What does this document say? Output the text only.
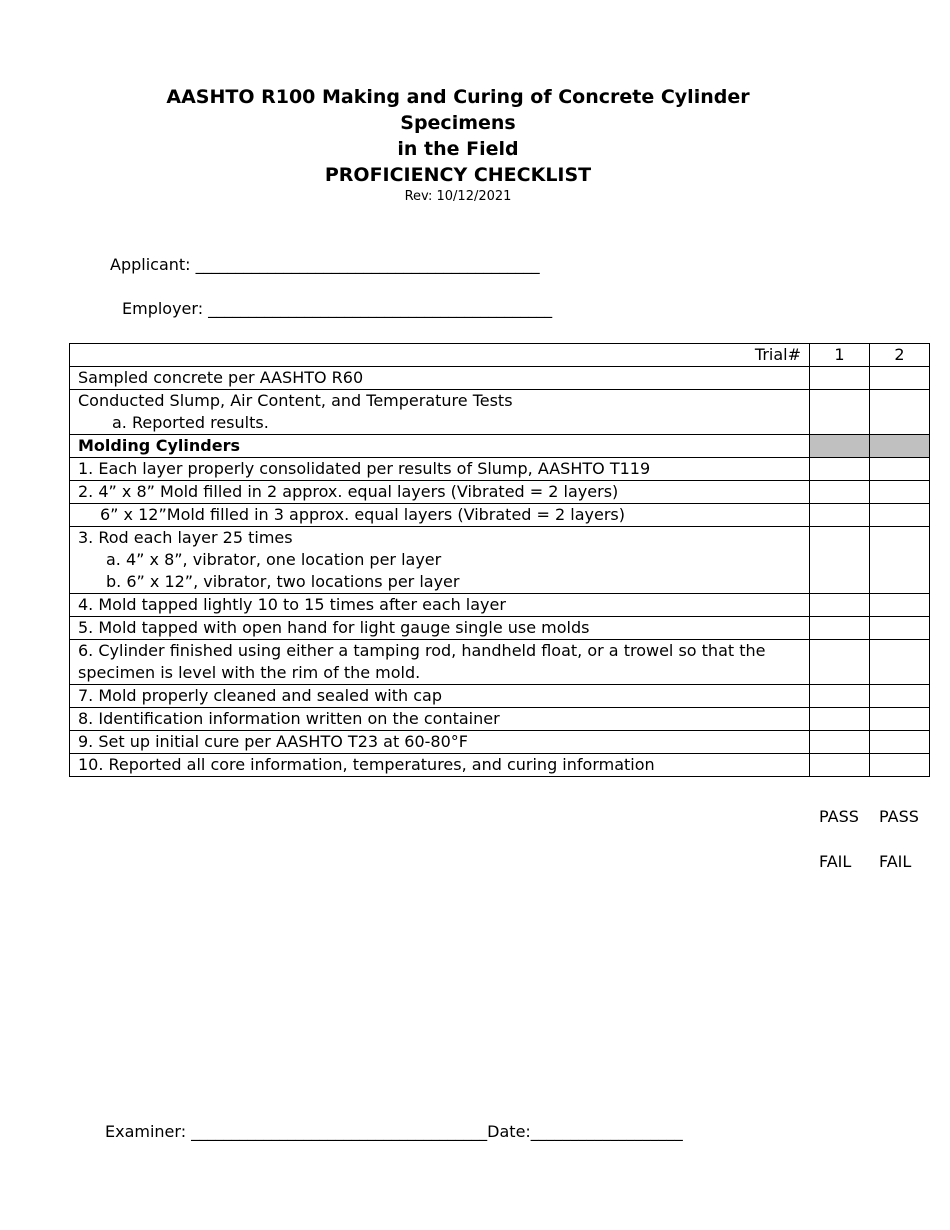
AASHTO R100 Making and Curing of Concrete Cylinder
Specimens
in the Field
PROFICIENCY CHECKLIST
Rev: 10/12/2021
Applicant: ___________________________________________
Employer: ___________________________________________
Trial#	1	2
Sampled concrete per AASHTO R60		

Conducted Slump, Air Content, and Temperature Tests
a. Reported results.		

Molding Cylinders		
1. Each layer properly consolidated per results of Slump, AASHTO T119		
2. 4” x 8” Mold filled in 2 approx. equal layers (Vibrated = 2 layers)		

6” x 12”Mold filled in 3 approx. equal layers (Vibrated = 2 layers)		

3. Rod each layer 25 times
a. 4” x 8”, vibrator, one location per layer
b. 6” x 12”, vibrator, two locations per layer		

4. Mold tapped lightly 10 to 15 times after each layer		
5. Mold tapped with open hand for light gauge single use molds		

6. Cylinder finished using either a tamping rod, handheld float, or a trowel so that the
specimen is level with the rim of the mold.		

7. Mold properly cleaned and sealed with cap		
8. Identification information written on the container		
9. Set up initial cure per AASHTO T23 at 60-80°F		
10. Reported all core information, temperatures, and curing information		
PASS PASS
FAIL FAIL
Examiner: _____________________________________Date:___________________
